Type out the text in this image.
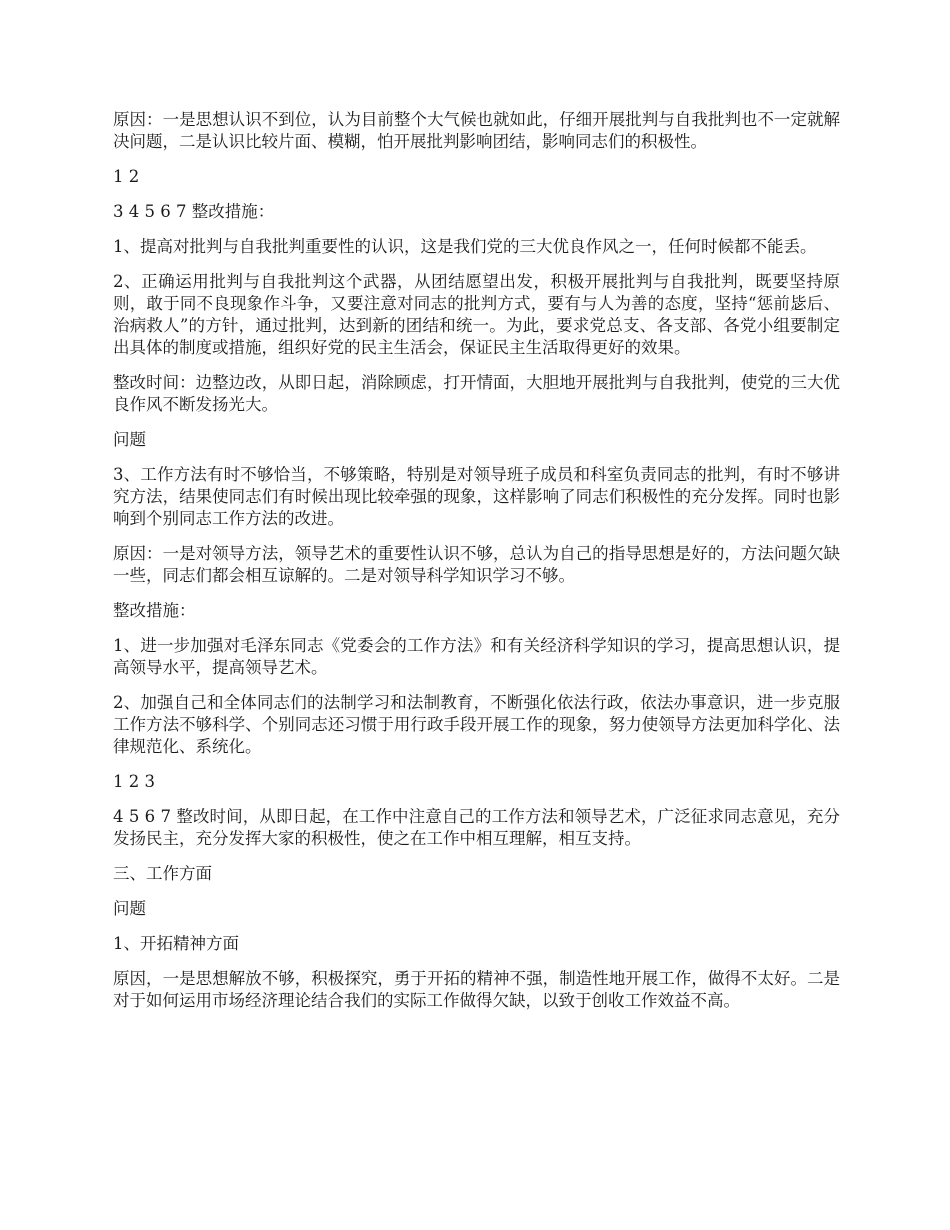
原因：一是思想认识不到位，认为目前整个大气候也就如此，仔细开展批判与自我批判也不一定就解决问题，二是认识比较片面、模糊，怕开展批判影响团结，影响同志们的积极性。

1 2

3 4 5 6 7 整改措施：

1、提高对批判与自我批判重要性的认识，这是我们党的三大优良作风之一，任何时候都不能丢。

2、正确运用批判与自我批判这个武器，从团结愿望出发，积极开展批判与自我批判，既要坚持原则，敢于同不良现象作斗争，又要注意对同志的批判方式，要有与人为善的态度，坚持“惩前毖后、治病救人”的方针，通过批判，达到新的团结和统一。为此，要求党总支、各支部、各党小组要制定出具体的制度或措施，组织好党的民主生活会，保证民主生活取得更好的效果。

整改时间：边整边改，从即日起，消除顾虑，打开情面，大胆地开展批判与自我批判，使党的三大优良作风不断发扬光大。

问题

3、工作方法有时不够恰当，不够策略，特别是对领导班子成员和科室负责同志的批判，有时不够讲究方法，结果使同志们有时候出现比较牵强的现象，这样影响了同志们积极性的充分发挥。同时也影响到个别同志工作方法的改进。

原因：一是对领导方法，领导艺术的重要性认识不够，总认为自己的指导思想是好的，方法问题欠缺一些，同志们都会相互谅解的。二是对领导科学知识学习不够。

整改措施：

1、进一步加强对毛泽东同志《党委会的工作方法》和有关经济科学知识的学习，提高思想认识，提高领导水平，提高领导艺术。

2、加强自己和全体同志们的法制学习和法制教育，不断强化依法行政，依法办事意识，进一步克服工作方法不够科学、个别同志还习惯于用行政手段开展工作的现象，努力使领导方法更加科学化、法律规范化、系统化。

1 2 3

4 5 6 7 整改时间，从即日起，在工作中注意自己的工作方法和领导艺术，广泛征求同志意见，充分发扬民主，充分发挥大家的积极性，使之在工作中相互理解，相互支持。

三、工作方面

问题

1、开拓精神方面

原因，一是思想解放不够，积极探究，勇于开拓的精神不强，制造性地开展工作，做得不太好。二是对于如何运用市场经济理论结合我们的实际工作做得欠缺，以致于创收工作效益不高。
